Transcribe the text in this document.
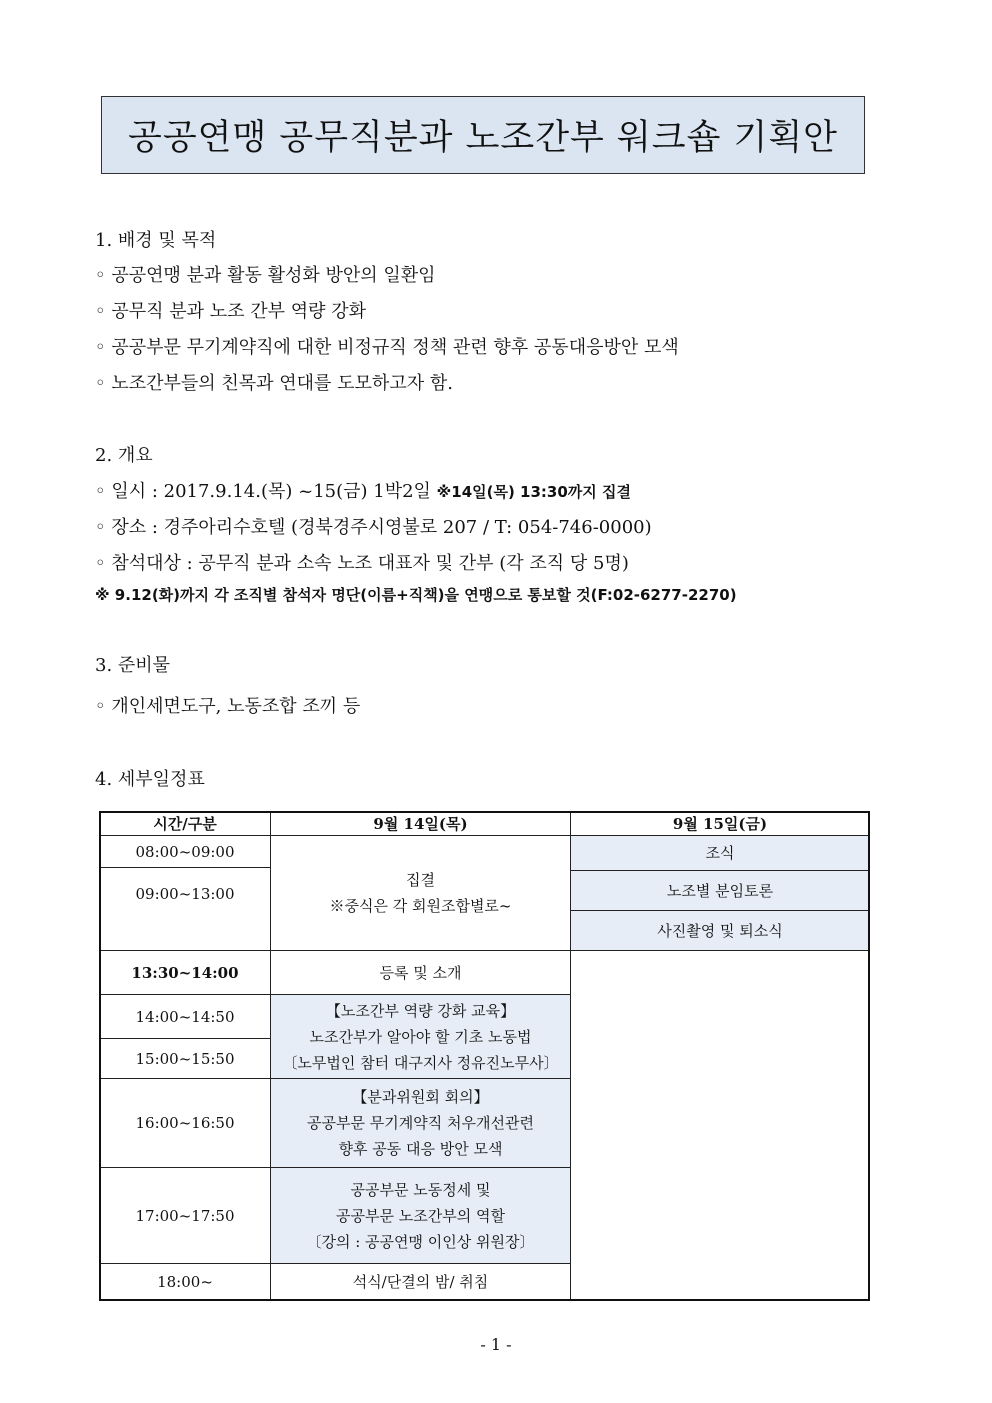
공공연맹 공무직분과 노조간부 워크숍 기획안
1. 배경 및 목적
◦ 공공연맹 분과 활동 활성화 방안의 일환임
◦ 공무직 분과 노조 간부 역량 강화
◦ 공공부문 무기계약직에 대한 비정규직 정책 관련 향후 공동대응방안 모색
◦ 노조간부들의 친목과 연대를 도모하고자 함.
2. 개요
◦ 일시 : 2017.9.14.(목) ~15(금) 1박2일 ※14일(목) 13:30까지 집결
◦ 장소 : 경주아리수호텔 (경북경주시영불로 207 / T: 054-746-0000)
◦ 참석대상 : 공무직 분과 소속 노조 대표자 및 간부 (각 조직 당 5명)
※ 9.12(화)까지 각 조직별 참석자 명단(이름+직책)을 연맹으로 통보할 것(F:02-6277-2270)
3. 준비물
◦ 개인세면도구, 노동조합 조끼 등
4. 세부일정표
시간/구분	9월 14일(목)	9월 15일(금)
08:00~09:00
09:00~13:00
13:30~14:00
14:00~14:50
15:00~15:50
16:00~16:50
17:00~17:50
18:00~
집결
※중식은 각 회원조합별로~
등록 및 소개
【노조간부 역량 강화 교육】
노조간부가 알아야 할 기초 노동법
〔노무법인 참터 대구지사 정유진노무사〕
【분과위원회 회의】
공공부문 무기계약직 처우개선관련
향후 공동 대응 방안 모색
공공부문 노동정세 및
공공부문 노조간부의 역할
〔강의 : 공공연맹 이인상 위원장〕
석식/단결의 밤/ 취침
조식
노조별 분임토론
사진촬영 및 퇴소식
- 1 -
